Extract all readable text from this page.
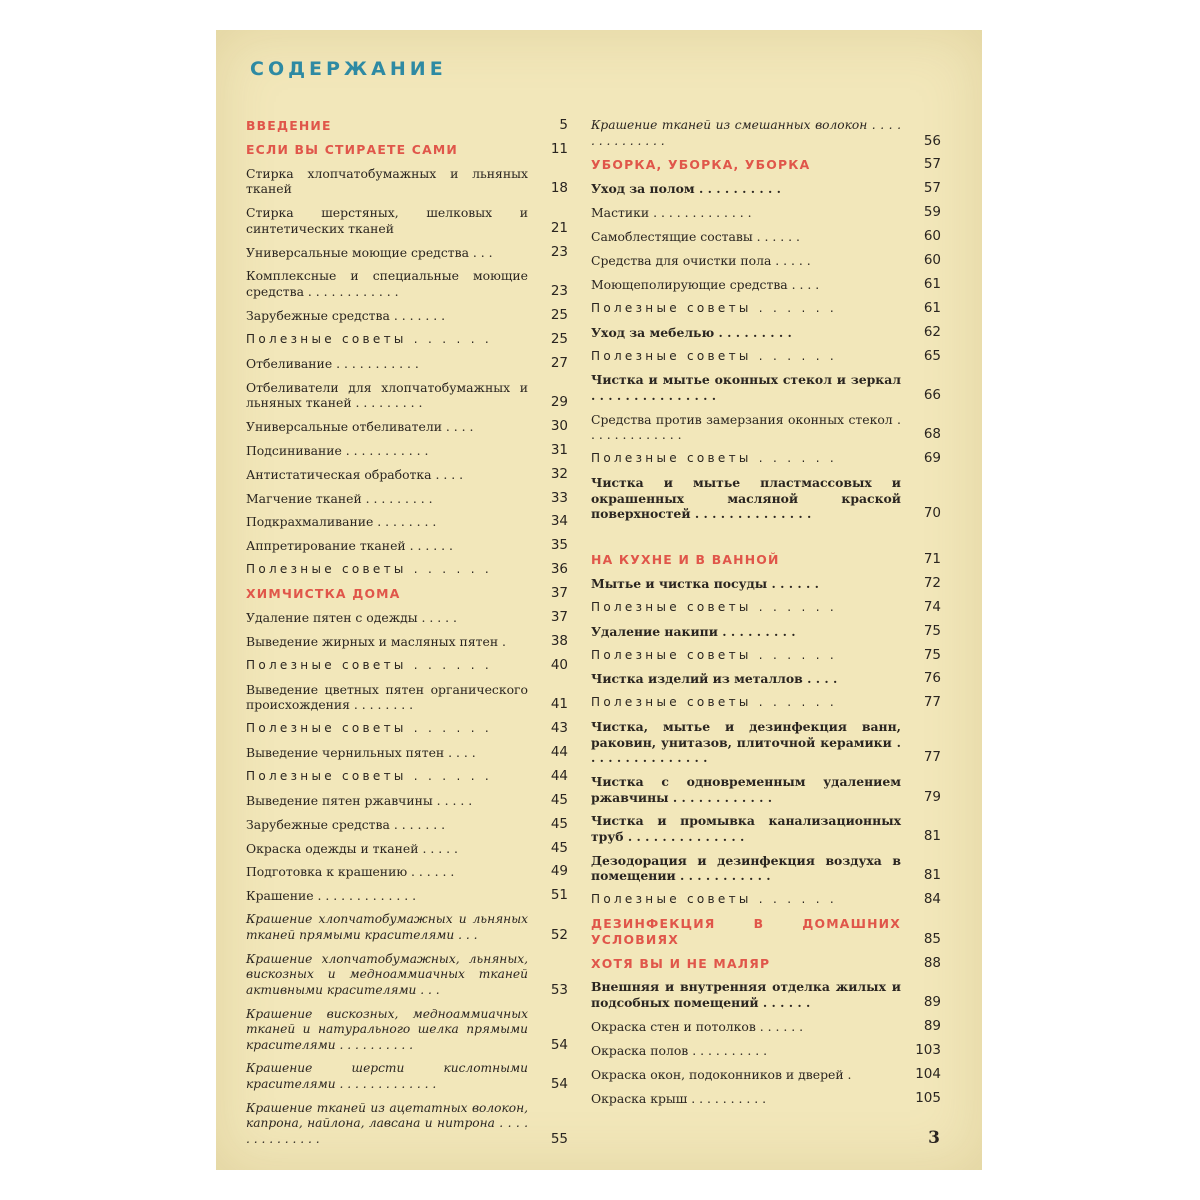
СОДЕРЖАНИЕ
ВВЕДЕНИЕ	5
ЕСЛИ ВЫ СТИРАЕТЕ САМИ	11
Стирка хлопчатобумажных и льняных тканей	18
Стирка шерстяных, шелковых и синтетических тканей	21
Универсальные моющие средства . . .	23
Комплексные и специальные моющие средства . . . . . . . . . . . .	23
Зарубежные средства . . . . . . .	25
Полезные советы . . . . . .	25
Отбеливание . . . . . . . . . . .	27
Отбеливатели для хлопчатобумажных и льняных тканей . . . . . . . . .	29
Универсальные отбеливатели . . . .	30
Подсинивание . . . . . . . . . . .	31
Антистатическая обработка . . . .	32
Магчение тканей . . . . . . . . .	33
Подкрахмаливание . . . . . . . .	34
Аппретирование тканей . . . . . .	35
Полезные советы . . . . . .	36
ХИМЧИСТКА ДОМА	37
Удаление пятен с одежды . . . . .	37
Выведение жирных и масляных пятен .	38
Полезные советы . . . . . .	40
Выведение цветных пятен органического происхождения . . . . . . . .	41
Полезные советы . . . . . .	43
Выведение чернильных пятен . . . .	44
Полезные советы . . . . . .	44
Выведение пятен ржавчины . . . . .	45
Зарубежные средства . . . . . . .	45
Окраска одежды и тканей . . . . .	45
Подготовка к крашению . . . . . .	49
Крашение . . . . . . . . . . . . .	51
Крашение хлопчатобумажных и льняных тканей прямыми красителями . . .	52
Крашение хлопчатобумажных, льняных, вискозных и медноаммиачных тканей активными красителями . . .	53
Крашение вискозных, медноаммиачных тканей и натурального шелка прямыми красителями . . . . . . . . . .	54
Крашение шерсти кислотными красителями . . . . . . . . . . . . .	54
Крашение тканей из ацетатных волокон, капрона, найлона, лавсана и нитрона . . . . . . . . . . . . . .	55
Крашение тканей из смешанных волокон . . . . . . . . . . . . . .	56
УБОРКА, УБОРКА, УБОРКА	57
Уход за полом . . . . . . . . . .	57
Мастики . . . . . . . . . . . . .	59
Самоблестящие составы . . . . . .	60
Средства для очистки пола . . . . .	60
Моющеполирующие средства . . . .	61
Полезные советы . . . . . .	61
Уход за мебелью . . . . . . . . .	62
Полезные советы . . . . . .	65
Чистка и мытье оконных стекол и зеркал . . . . . . . . . . . . . . .	66
Средства против замерзания оконных стекол . . . . . . . . . . . . .	68
Полезные советы . . . . . .	69
Чистка и мытье пластмассовых и окрашенных масляной краской поверхностей . . . . . . . . . . . . . .	70
НА КУХНЕ И В ВАННОЙ	71
Мытье и чистка посуды . . . . . .	72
Полезные советы . . . . . .	74
Удаление накипи . . . . . . . . .	75
Полезные советы . . . . . .	75
Чистка изделий из металлов . . . .	76
Полезные советы . . . . . .	77
Чистка, мытье и дезинфекция ванн, раковин, унитазов, плиточной керамики . . . . . . . . . . . . . . .	77
Чистка с одновременным удалением ржавчины . . . . . . . . . . . .	79
Чистка и промывка канализационных труб . . . . . . . . . . . . . .	81
Дезодорация и дезинфекция воздуха в помещении . . . . . . . . . . .	81
Полезные советы . . . . . .	84
ДЕЗИНФЕКЦИЯ В ДОМАШНИХ УСЛОВИЯХ	85
ХОТЯ ВЫ И НЕ МАЛЯР	88
Внешняя и внутренняя отделка жилых и подсобных помещений . . . . . .	89
Окраска стен и потолков . . . . . .	89
Окраска полов . . . . . . . . . .	103
Окраска окон, подоконников и дверей .	104
Окраска крыш . . . . . . . . . .	105
3
